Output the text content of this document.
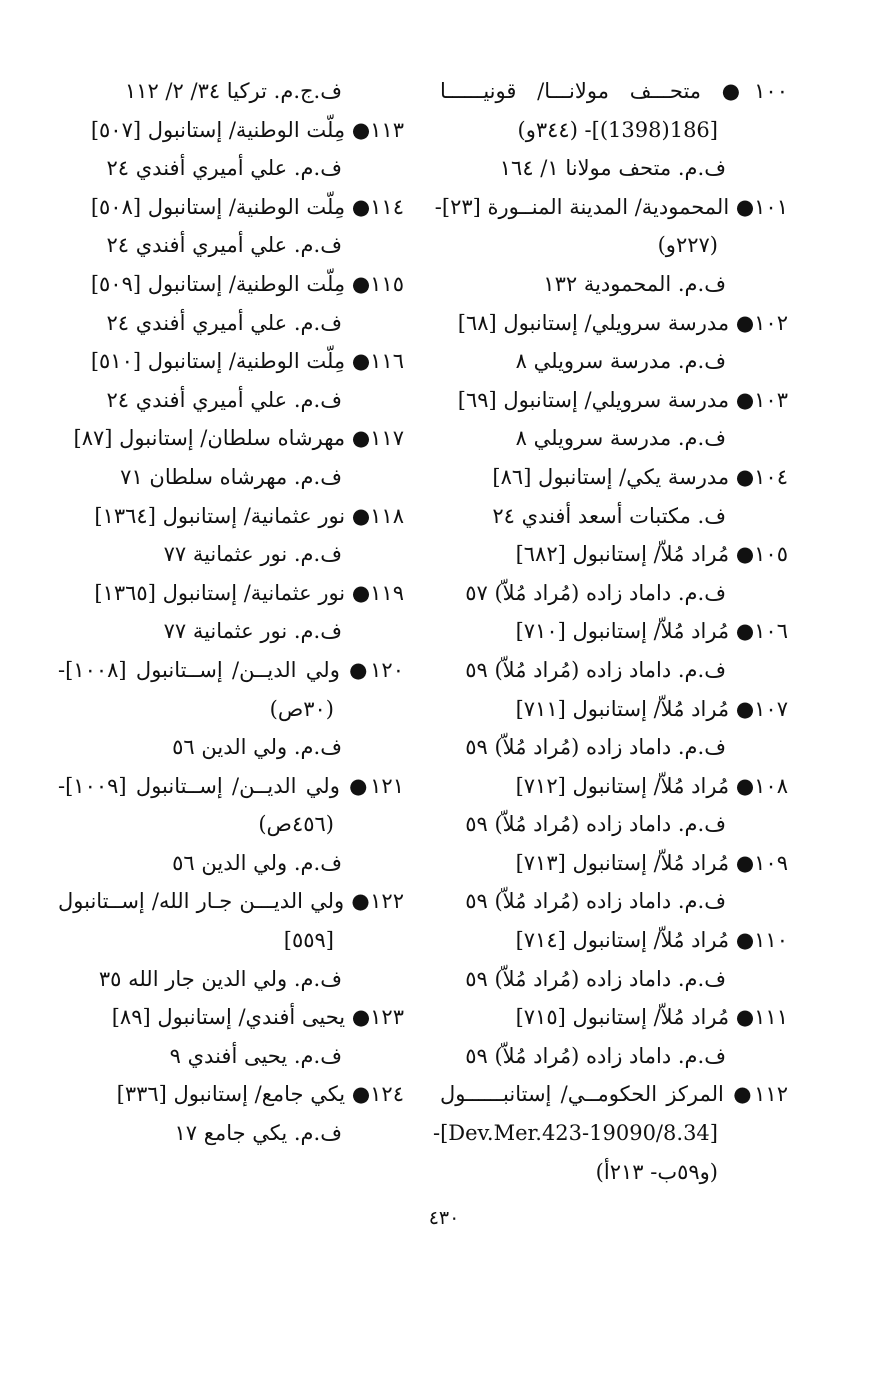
١٠٠● متحـــف مولانـــا/ قونيــــــا
[186(1398)]- (٣٤٤و)
ف.م. متحف مولانا ١/ ١٦٤
١٠١● المحمودية/ المدينة المنــورة [٢٣]-
(٢٢٧و)
ف.م. المحمودية ١٣٢
١٠٢● مدرسة سرويلي/ إستانبول [٦٨]
ف.م. مدرسة سرويلي ٨
١٠٣● مدرسة سرويلي/ إستانبول [٦٩]
ف.م. مدرسة سرويلي ٨
١٠٤● مدرسة يكي/ إستانبول [٨٦]
ف. مكتبات أسعد أفندي ٢٤
١٠٥● مُراد مُلاّ/ إستانبول [٦٨٢]
ف.م. داماد زاده (مُراد مُلاّ) ٥٧
١٠٦● مُراد مُلاّ/ إستانبول [٧١٠]
ف.م. داماد زاده (مُراد مُلاّ) ٥٩
١٠٧● مُراد مُلاّ/ إستانبول [٧١١]
ف.م. داماد زاده (مُراد مُلاّ) ٥٩
١٠٨● مُراد مُلاّ/ إستانبول [٧١٢]
ف.م. داماد زاده (مُراد مُلاّ) ٥٩
١٠٩● مُراد مُلاّ/ إستانبول [٧١٣]
ف.م. داماد زاده (مُراد مُلاّ) ٥٩
١١٠● مُراد مُلاّ/ إستانبول [٧١٤]
ف.م. داماد زاده (مُراد مُلاّ) ٥٩
١١١● مُراد مُلاّ/ إستانبول [٧١٥]
ف.م. داماد زاده (مُراد مُلاّ) ٥٩
١١٢● المركز الحكومــي/ إستانبــــــول
[34.Dev.Mer.423-19090/8]-
(و٥٩ب- ٢١٣أ)
ف.ج.م. تركيا ٣٤/ ٢/ ١١٢
١١٣● مِلّت الوطنية/ إستانبول [٥٠٧]
ف.م. علي أميري أفندي ٢٤
١١٤● مِلّت الوطنية/ إستانبول [٥٠٨]
ف.م. علي أميري أفندي ٢٤
١١٥● مِلّت الوطنية/ إستانبول [٥٠٩]
ف.م. علي أميري أفندي ٢٤
١١٦● مِلّت الوطنية/ إستانبول [٥١٠]
ف.م. علي أميري أفندي ٢٤
١١٧● مهرشاه سلطان/ إستانبول [٨٧]
ف.م. مهرشاه سلطان ٧١
١١٨● نور عثمانية/ إستانبول [١٣٦٤]
ف.م. نور عثمانية ٧٧
١١٩● نور عثمانية/ إستانبول [١٣٦٥]
ف.م. نور عثمانية ٧٧
١٢٠● ولي الديــن/ إســتانبول [١٠٠٨]-
(٣٠ص)
ف.م. ولي الدين ٥٦
١٢١● ولي الديــن/ إســتانبول [١٠٠٩]-
(٤٥٦ص)
ف.م. ولي الدين ٥٦
١٢٢● ولي الديـــن جـار الله/ إســتانبول
[٥٥٩]
ف.م. ولي الدين جار الله ٣٥
١٢٣● يحيى أفندي/ إستانبول [٨٩]
ف.م. يحيى أفندي ٩
١٢٤● يكي جامع/ إستانبول [٣٣٦]
ف.م. يكي جامع ١٧
٤٣٠
